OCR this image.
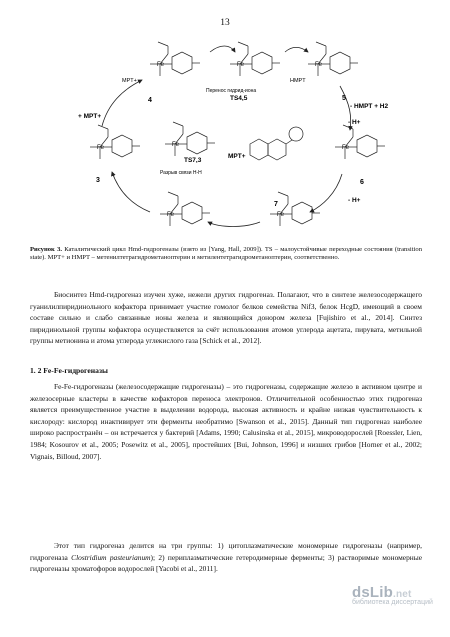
13
Fe	Fe	Fe
Fe
Fe
Fe
Fe	Fe
4	TS4,5	5
6
7
3
TS7,3
+ MPT+
- H+
- HMPT + H2
- H+
Перенос гидрид-иона
Разрыв связи H-H
MPT+
MPT+	HMPT
Рисунок 3. Каталитический цикл Hmd-гидрогеназы (взято из [Yang, Hall, 2009]). TS – малоустойчивые переходные состояния (transition state). MPT+ и HMPT – метенилтетрагидрометаноптерин и метилентетрагидрометаноптерин, соответственно.
Биосинтез Hmd-гидрогеназ изучен хуже, нежели других гидрогеназ. Полагают, что в синтезе железосодержащего гуанилилпиридинольного кофактора принимает участие гомолог белков семейства NifЗ, белок HcgD, имеющий в своем составе сильно и слабо связанные ионы железа и являющийся донором железа [Fujishiro et al., 2014]. Синтез пиридинольной группы кофактора осуществляется за счёт использования атомов углерода ацетата, пирувата, метильной группы метионина и атома углерода углекислого газа [Schick et al., 2012].
1. 2 Fe-Fe-гидрогеназы
Fe-Fe-гидрогеназы (железосодержащие гидрогеназы) – это гидрогеназы, содержащие железо в активном центре и железосерные кластеры в качестве кофакторов переноса электронов. Отличительной особенностью этих гидрогеназ является преимущественное участие в выделении водорода, высокая активность и крайне низкая чувствительность к кислороду: кислород инактивирует эти ферменты необратимо [Swanson et al., 2015]. Данный тип гидрогеназ наиболее широко распространён – он встречается у бактерий [Adams, 1990; Calusinska et al., 2015], микроводорослей [Roessler, Lien, 1984; Kosourov et al., 2005; Posewitz et al., 2005], простейших [Bui, Johnson, 1996] и низших грибов [Horner et al., 2002; Vignais, Billoud, 2007].
Этот тип гидрогеназ делится на три группы: 1) цитоплазматические мономерные гидрогеназы (например, гидрогеназа Clostridium pasteurianum); 2) периплазматические гетеродимерные ферменты; 3) растворимые мономерные гидрогеназы хроматофоров водорослей [Yacobi et al., 2011].
dsLib.net
библиотека диссертаций
